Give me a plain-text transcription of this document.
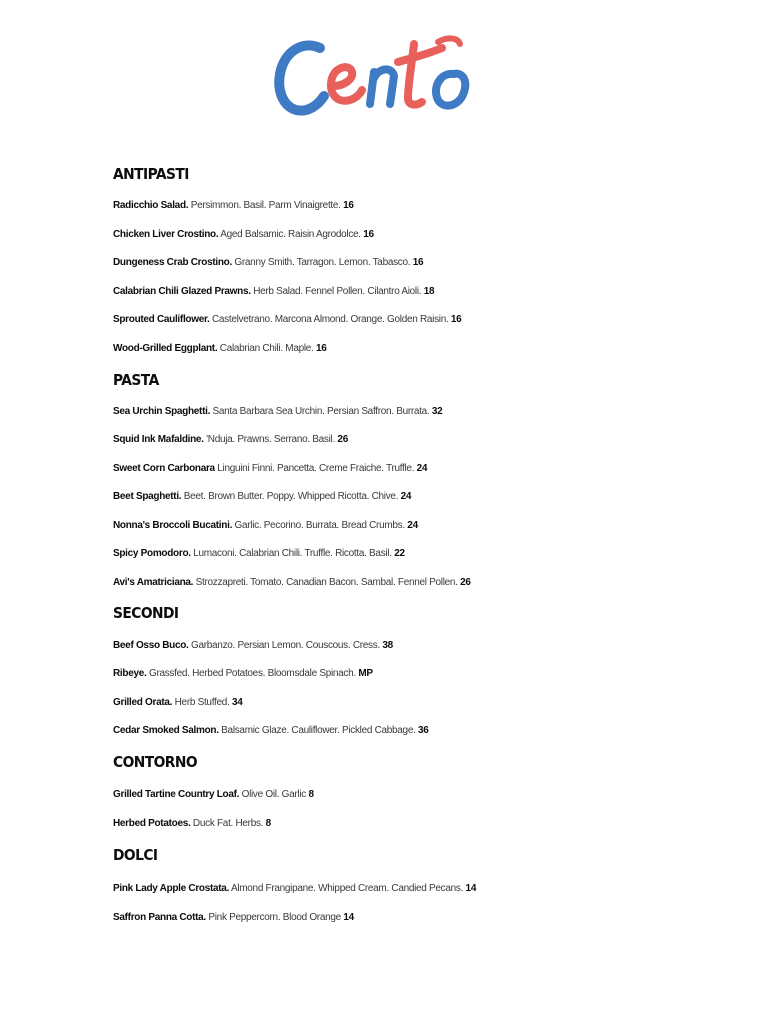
ANTIPASTI
Radicchio Salad. Persimmon. Basil. Parm Vinaigrette. 16
Chicken Liver Crostino. Aged Balsamic. Raisin Agrodolce. 16
Dungeness Crab Crostino. Granny Smith. Tarragon. Lemon. Tabasco. 16
Calabrian Chili Glazed Prawns. Herb Salad. Fennel Pollen. Cilantro Aioli. 18
Sprouted Cauliflower. Castelvetrano. Marcona Almond. Orange. Golden Raisin. 16
Wood-Grilled Eggplant. Calabrian Chili. Maple. 16
PASTA
Sea Urchin Spaghetti. Santa Barbara Sea Urchin. Persian Saffron. Burrata. 32
Squid Ink Mafaldine. 'Nduja. Prawns. Serrano. Basil. 26
Sweet Corn Carbonara Linguini Finni. Pancetta. Creme Fraiche. Truffle. 24
Beet Spaghetti. Beet. Brown Butter. Poppy. Whipped Ricotta. Chive. 24
Nonna's Broccoli Bucatini. Garlic. Pecorino. Burrata. Bread Crumbs. 24
Spicy Pomodoro. Lumaconi. Calabrian Chili. Truffle. Ricotta. Basil. 22
Avi's Amatriciana. Strozzapreti. Tomato. Canadian Bacon. Sambal. Fennel Pollen. 26
SECONDI
Beef Osso Buco. Garbanzo. Persian Lemon. Couscous. Cress. 38
Ribeye. Grassfed. Herbed Potatoes. Bloomsdale Spinach. MP
Grilled Orata. Herb Stuffed. 34
Cedar Smoked Salmon. Balsamic Glaze. Cauliflower. Pickled Cabbage. 36
CONTORNO
Grilled Tartine Country Loaf. Olive Oil. Garlic 8
Herbed Potatoes. Duck Fat. Herbs. 8
DOLCI
Pink Lady Apple Crostata. Almond Frangipane. Whipped Cream. Candied Pecans. 14
Saffron Panna Cotta. Pink Peppercorn. Blood Orange 14
